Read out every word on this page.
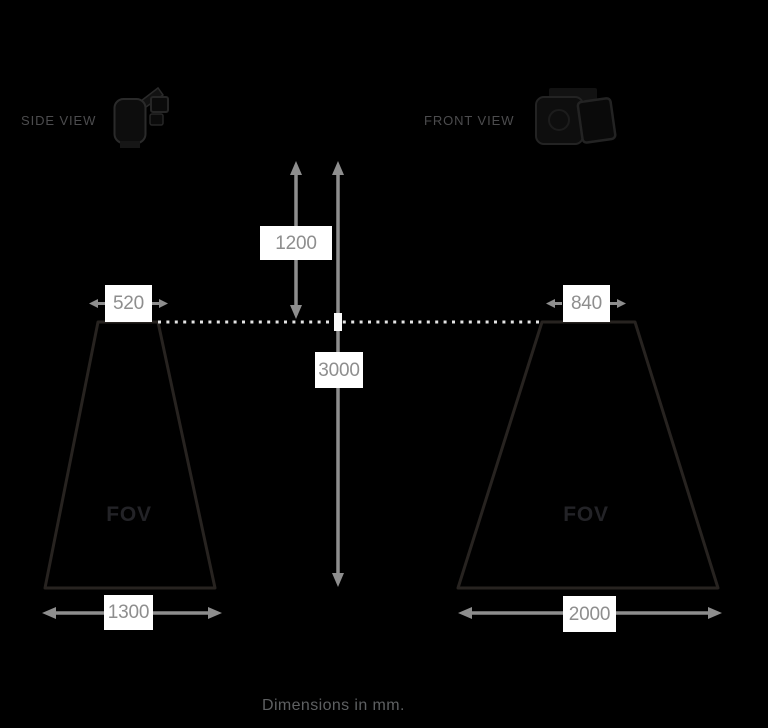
SIDE VIEW	FRONT VIEW
1200
3000
520	840
1300	2000
FOV	FOV
Dimensions in mm.
